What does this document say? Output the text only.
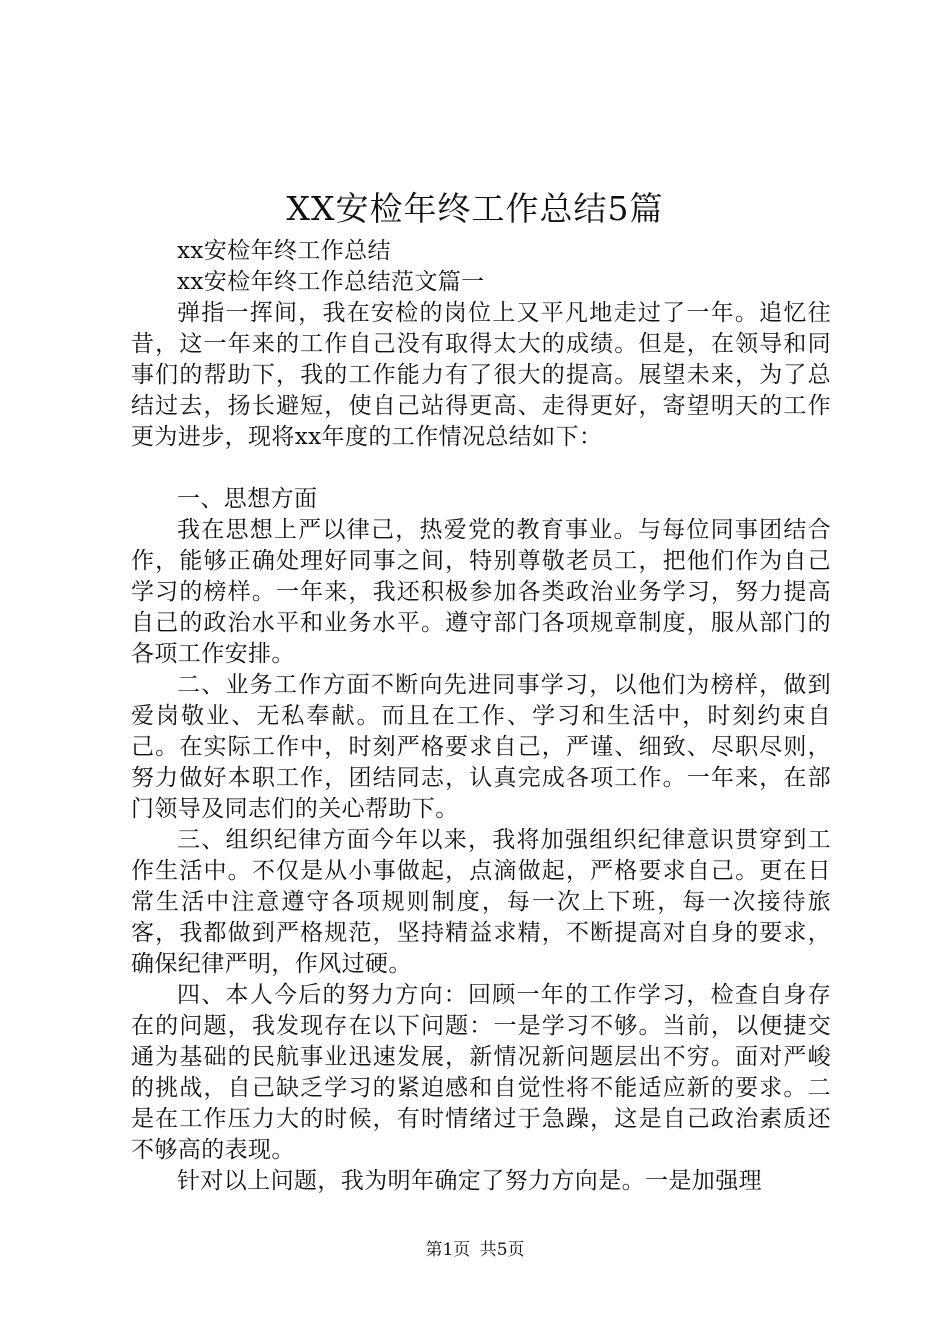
XX安检年终工作总结5篇

xx安检年终工作总结

xx安检年终工作总结范文篇一

弹指一挥间，我在安检的岗位上又平凡地走过了一年。追忆往昔，这一年来的工作自己没有取得太大的成绩。但是，在领导和同事们的帮助下，我的工作能力有了很大的提高。展望未来，为了总结过去，扬长避短，使自己站得更高、走得更好，寄望明天的工作更为进步，现将xx年度的工作情况总结如下：

一、思想方面

我在思想上严以律己，热爱党的教育事业。与每位同事团结合作，能够正确处理好同事之间，特别尊敬老员工，把他们作为自己学习的榜样。一年来，我还积极参加各类政治业务学习，努力提高自己的政治水平和业务水平。遵守部门各项规章制度，服从部门的各项工作安排。

二、业务工作方面不断向先进同事学习，以他们为榜样，做到爱岗敬业、无私奉献。而且在工作、学习和生活中，时刻约束自己。在实际工作中，时刻严格要求自己，严谨、细致、尽职尽则，努力做好本职工作，团结同志，认真完成各项工作。一年来，在部门领导及同志们的关心帮助下。

三、组织纪律方面今年以来，我将加强组织纪律意识贯穿到工作生活中。不仅是从小事做起，点滴做起，严格要求自己。更在日常生活中注意遵守各项规则制度，每一次上下班，每一次接待旅客，我都做到严格规范，坚持精益求精，不断提高对自身的要求，确保纪律严明，作风过硬。

四、本人今后的努力方向：回顾一年的工作学习，检查自身存在的问题，我发现存在以下问题：一是学习不够。当前，以便捷交通为基础的民航事业迅速发展，新情况新问题层出不穷。面对严峻的挑战，自己缺乏学习的紧迫感和自觉性将不能适应新的要求。二是在工作压力大的时候，有时情绪过于急躁，这是自己政治素质还不够高的表现。

针对以上问题，我为明年确定了努力方向是。一是加强理

第1页 共5页
